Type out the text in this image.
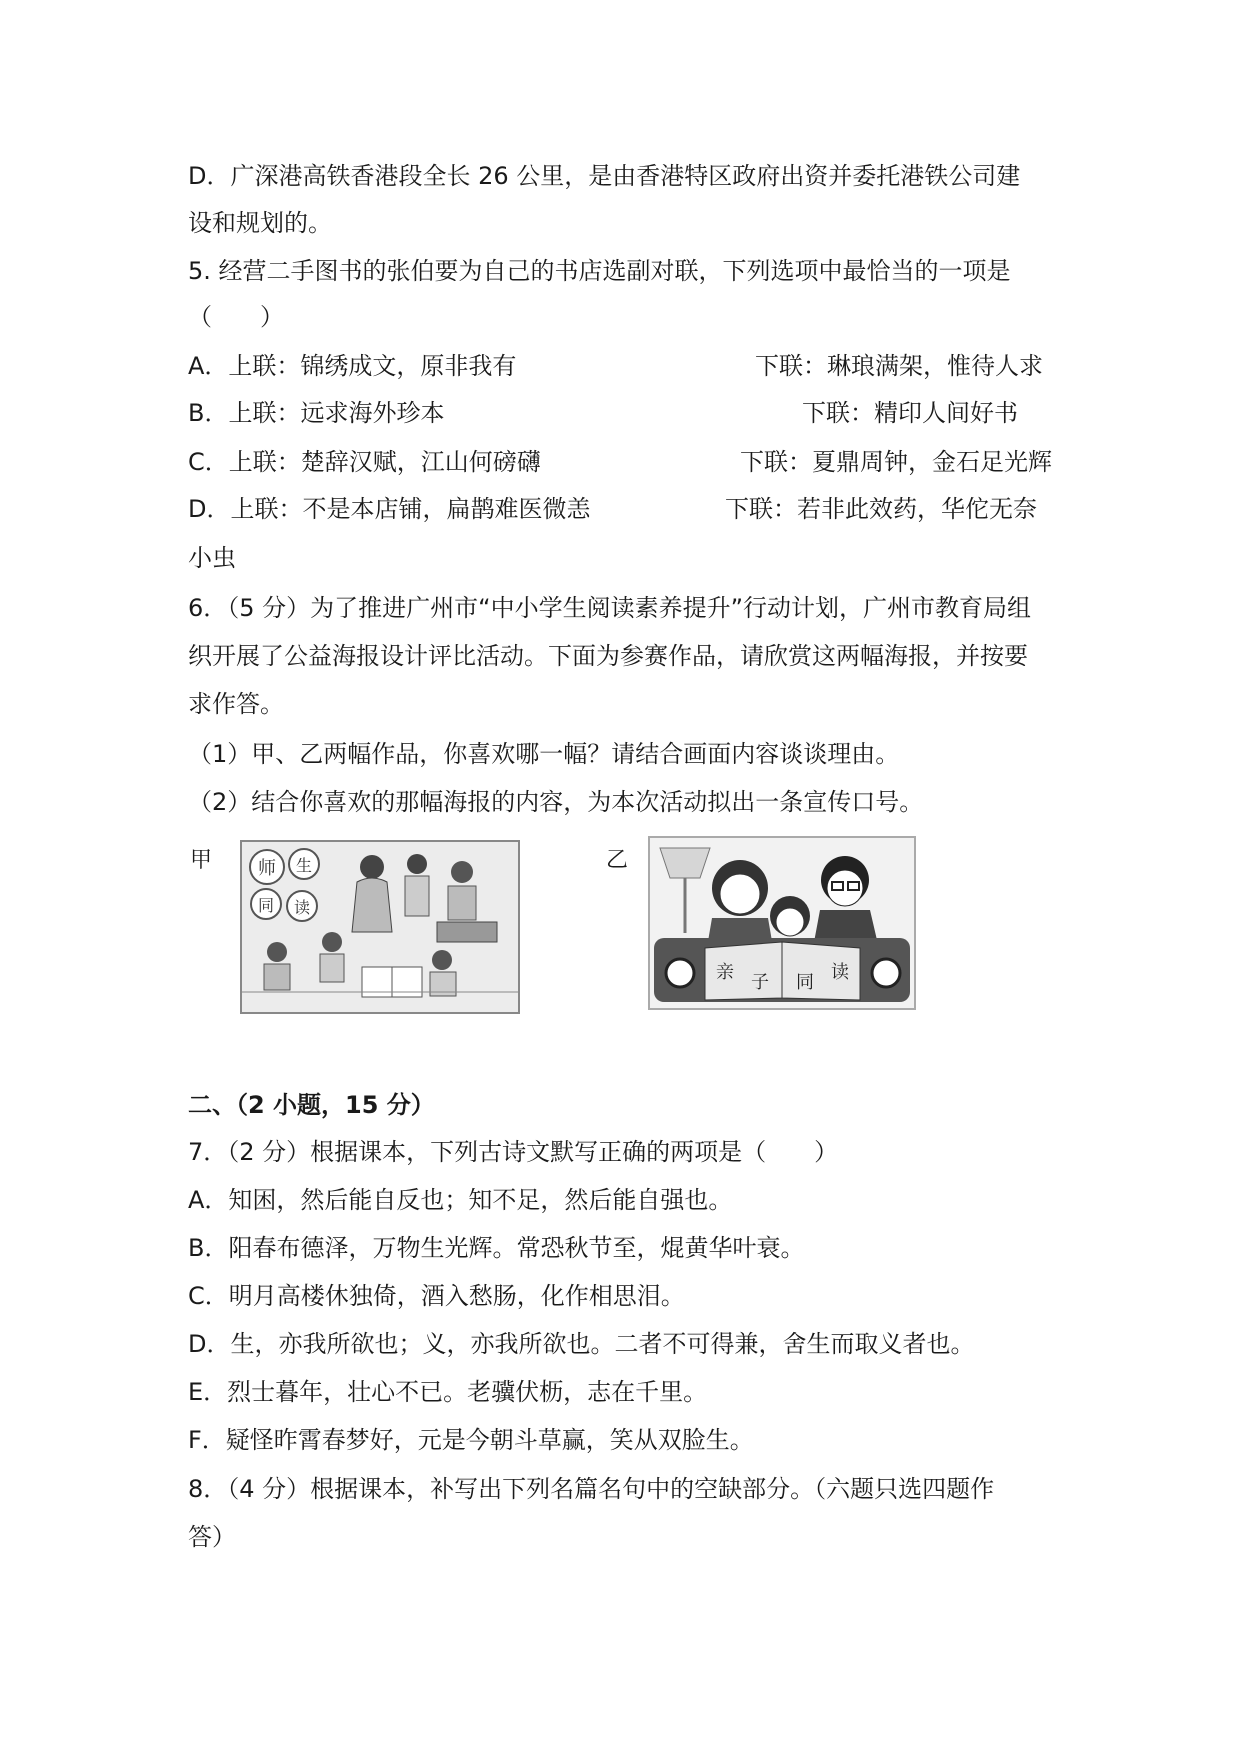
D．广深港高铁香港段全长 26 公里，是由香港特区政府出资并委托港铁公司建
设和规划的。
5. 经营二手图书的张伯要为自己的书店选副对联，下列选项中最恰当的一项是
（　　）
A．上联：锦绣成文，原非我有	下联：琳琅满架，惟待人求
B．上联：远求海外珍本	下联：精印人间好书
C．上联：楚辞汉赋，江山何磅礴	下联：夏鼎周钟，金石足光辉
D．上联：不是本店铺，扁鹊难医微恙	下联：若非此效药，华佗无奈
小虫
6．（5 分）为了推进广州市“中小学生阅读素养提升”行动计划，广州市教育局组
织开展了公益海报设计评比活动。下面为参赛作品，请欣赏这两幅海报，并按要
求作答。
（1）甲、乙两幅作品，你喜欢哪一幅？请结合画面内容谈谈理由。
（2）结合你喜欢的那幅海报的内容，为本次活动拟出一条宣传口号。
甲	师 生
同 读
乙
亲 子 同 读
二、（2 小题，15 分）
7．（2 分）根据课本，下列古诗文默写正确的两项是（　　）
A．知困，然后能自反也；知不足，然后能自强也。
B．阳春布德泽，万物生光辉。常恐秋节至，焜黄华叶衰。
C．明月高楼休独倚，酒入愁肠，化作相思泪。
D．生，亦我所欲也；义，亦我所欲也。二者不可得兼，舍生而取义者也。
E．烈士暮年，壮心不已。老骥伏枥，志在千里。
F．疑怪昨霄春梦好，元是今朝斗草赢，笑从双脸生。
8．（4 分）根据课本，补写出下列名篇名句中的空缺部分。（六题只选四题作
答）
